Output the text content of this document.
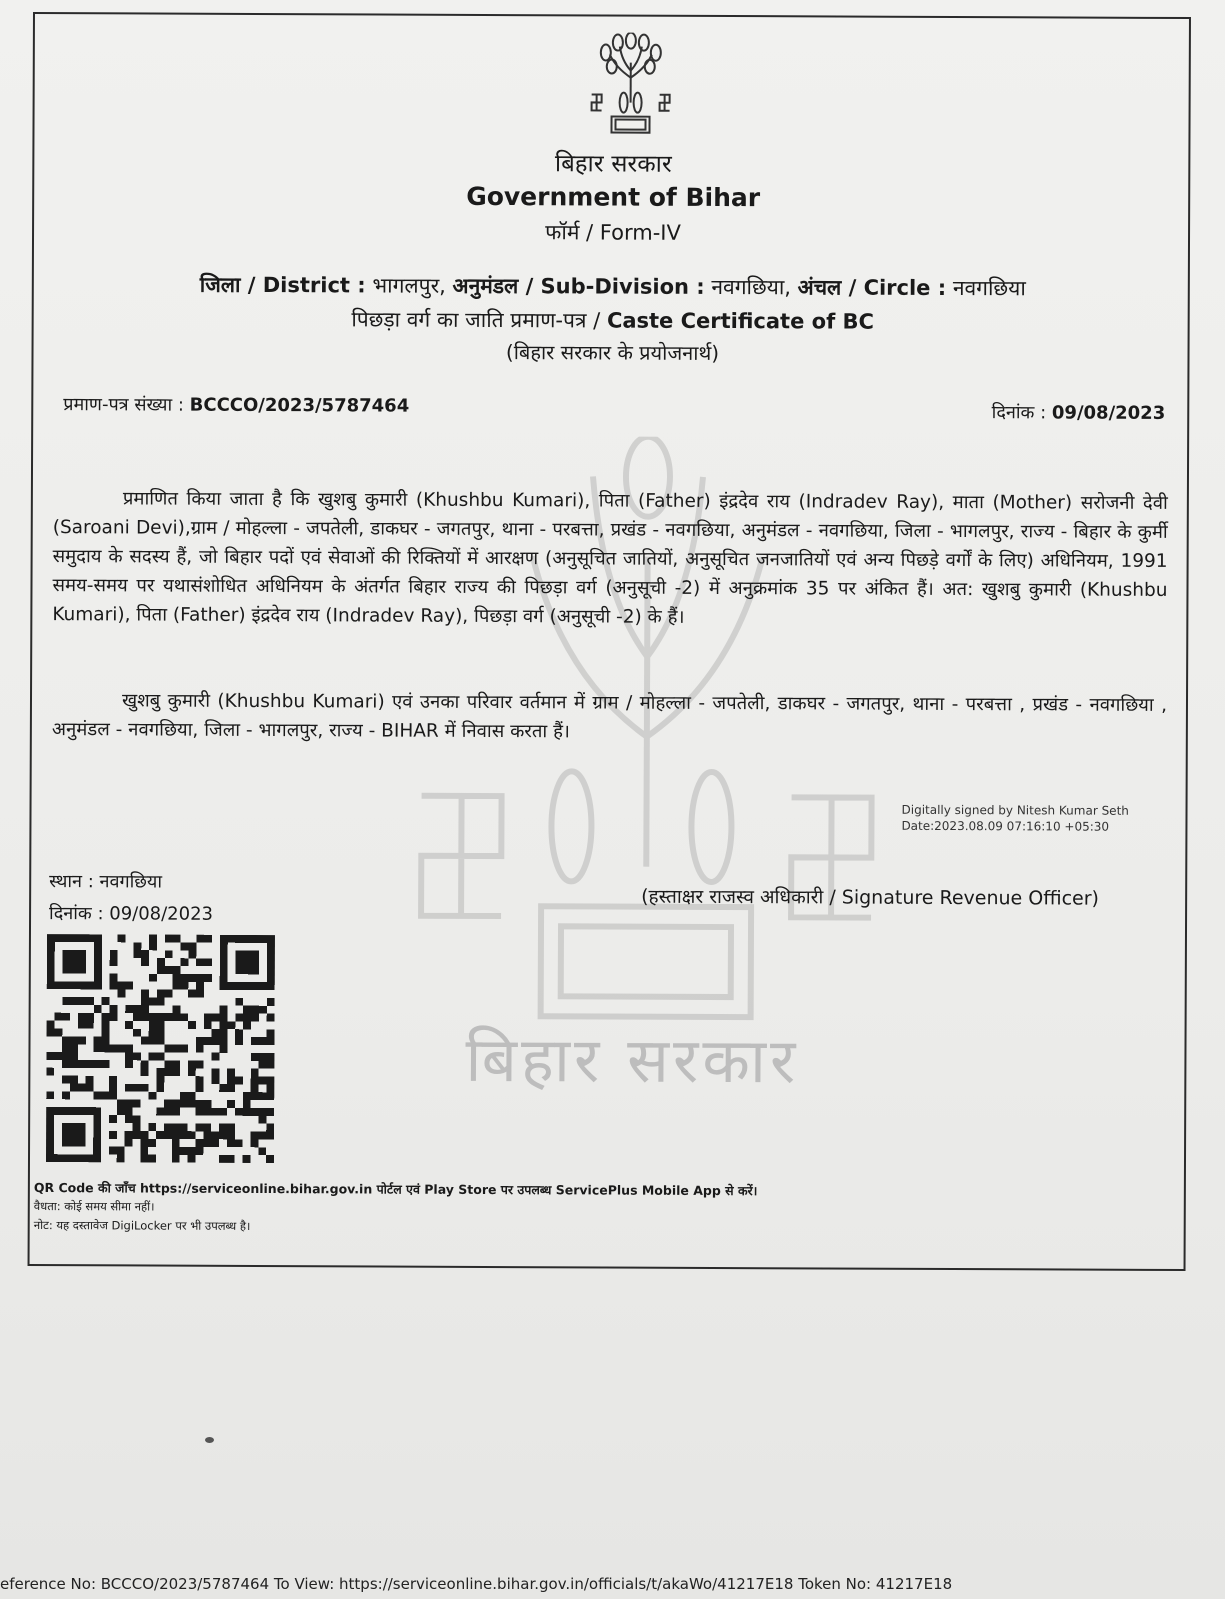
बिहार सरकार
बिहार सरकार
Government of Bihar
फॉर्म / Form-IV
जिला / District : भागलपुर, अनुमंडल / Sub-Division : नवगछिया, अंचल / Circle : नवगछिया
पिछड़ा वर्ग का जाति प्रमाण-पत्र / Caste Certificate of BC
(बिहार सरकार के प्रयोजनार्थ)
प्रमाण-पत्र संख्या : BCCCO/2023/5787464	दिनांक : 09/08/2023
प्रमाणित किया जाता है कि खुशबु कुमारी (Khushbu Kumari), पिता (Father) इंद्रदेव राय (Indradev Ray), माता (Mother) सरोजनी देवी (Saroani Devi),ग्राम / मोहल्ला - जपतेली, डाकघर - जगतपुर, थाना - परबत्ता, प्रखंड - नवगछिया, अनुमंडल - नवगछिया, जिला - भागलपुर, राज्य - बिहार के कुर्मी समुदाय के सदस्य हैं, जो बिहार पदों एवं सेवाओं की रिक्तियों में आरक्षण (अनुसूचित जातियों, अनुसूचित जनजातियों एवं अन्य पिछड़े वर्गों के लिए) अधिनियम, 1991 समय-समय पर यथासंशोधित अधिनियम के अंतर्गत बिहार राज्य की पिछड़ा वर्ग (अनुसूची -2) में अनुक्रमांक 35 पर अंकित हैं। अत: खुशबु कुमारी (Khushbu Kumari), पिता (Father) इंद्रदेव राय (Indradev Ray), पिछड़ा वर्ग (अनुसूची -2) के हैं।
खुशबु कुमारी (Khushbu Kumari) एवं उनका परिवार वर्तमान में ग्राम / मोहल्ला - जपतेली, डाकघर - जगतपुर, थाना - परबत्ता , प्रखंड - नवगछिया , अनुमंडल - नवगछिया, जिला - भागलपुर, राज्य - BIHAR में निवास करता हैं।
Digitally signed by Nitesh Kumar Seth
Date:2023.08.09 07:16:10 +05:30
स्थान : नवगछिया
दिनांक : 09/08/2023
(हस्ताक्षर राजस्व अधिकारी / Signature Revenue Officer)
QR Code की जाँच https://serviceonline.bihar.gov.in पोर्टल एवं Play Store पर उपलब्ध ServicePlus Mobile App से करें।
वैधता: कोई समय सीमा नहीं।
नोट: यह दस्तावेज DigiLocker पर भी उपलब्ध है।
eference No: BCCCO/2023/5787464 To View: https://serviceonline.bihar.gov.in/officials/t/akaWo/41217E18 Token No: 41217E18
